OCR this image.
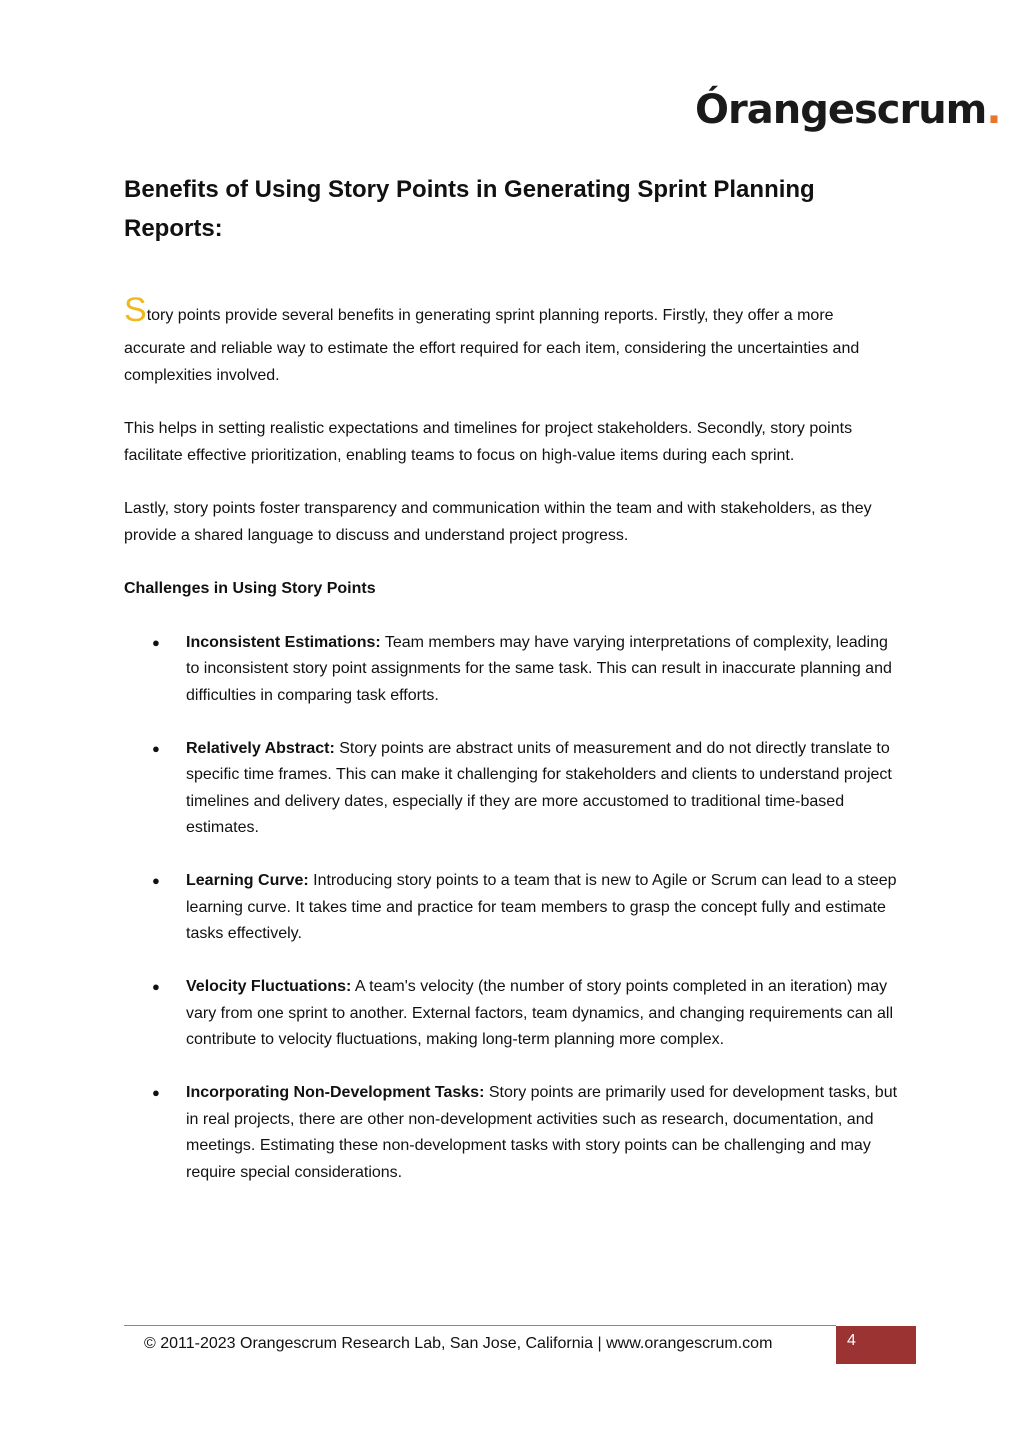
Órangescrum.
Benefits of Using Story Points in Generating Sprint Planning Reports:

Story points provide several benefits in generating sprint planning reports. Firstly, they offer a more
accurate and reliable way to estimate the effort required for each item, considering the uncertainties and complexities involved.

This helps in setting realistic expectations and timelines for project stakeholders. Secondly, story points facilitate effective prioritization, enabling teams to focus on high-value items during each sprint.

Lastly, story points foster transparency and communication within the team and with stakeholders, as they provide a shared language to discuss and understand project progress.

Challenges in Using Story Points
● Inconsistent Estimations: Team members may have varying interpretations of complexity, leading to inconsistent story point assignments for the same task. This can result in inaccurate planning and difficulties in comparing task efforts.
● Relatively Abstract: Story points are abstract units of measurement and do not directly translate to specific time frames. This can make it challenging for stakeholders and clients to understand project timelines and delivery dates, especially if they are more accustomed to traditional time-based estimates.
● Learning Curve: Introducing story points to a team that is new to Agile or Scrum can lead to a steep learning curve. It takes time and practice for team members to grasp the concept fully and estimate tasks effectively.
● Velocity Fluctuations: A team's velocity (the number of story points completed in an iteration) may vary from one sprint to another. External factors, team dynamics, and changing requirements can all contribute to velocity fluctuations, making long-term planning more complex.
● Incorporating Non-Development Tasks: Story points are primarily used for development tasks, but in real projects, there are other non-development activities such as research, documentation, and meetings. Estimating these non-development tasks with story points can be challenging and may require special considerations.
© 2011-2023 Orangescrum Research Lab, San Jose, California | www.orangescrum.com	4
